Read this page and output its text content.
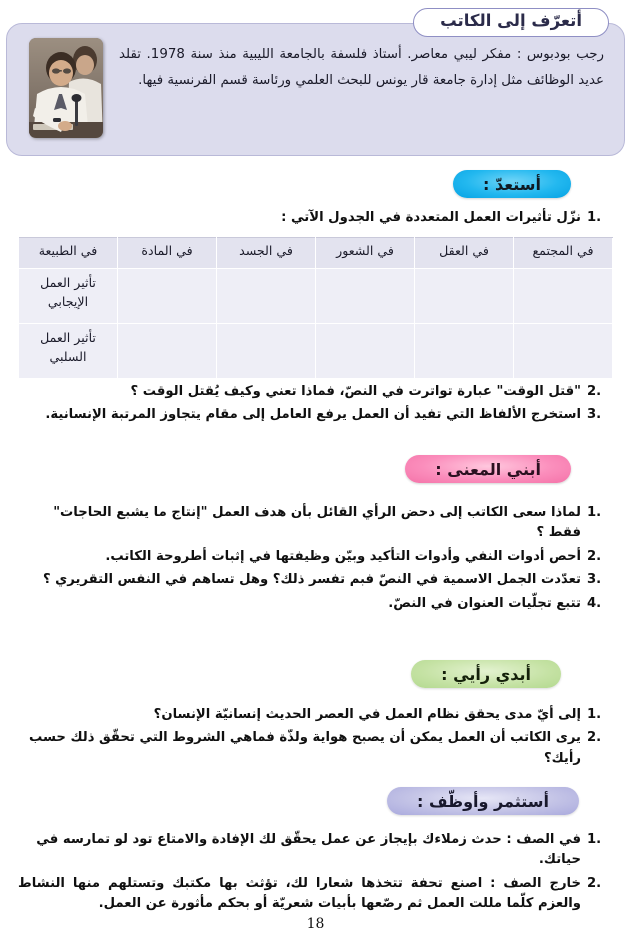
أتعرّف إلى الكاتب
رجب بودبوس : مفكر ليبي معاصر. أستاذ فلسفة بالجامعة الليبية منذ سنة 1978. تقلد عديد الوظائف مثل إدارة جامعة قار يونس للبحث العلمي ورئاسة قسم الفرنسية فيها.
أستعدّ :
1.
نزّل تأثيرات العمل المتعددة في الجدول الآتي :
في المجتمع	في العقل	في الشعور	في الجسد	في المادة	في الطبيعة
					تأثير العمل الإيجابي
					تأثير العمل السلبي
2.
"قتل الوقت" عبارة تواترت في النصّ، فماذا تعني وكيف يُقتل الوقت ؟
3.
استخرج الألفاظ التي تفيد أن العمل يرفع العامل إلى مقام يتجاوز المرتبة الإنسانية.
أبني المعنى :
1.
لماذا سعى الكاتب إلى دحض الرأي القائل بأن هدف العمل "إنتاج ما يشبع الحاجات" فقط ؟
2.
أحص أدوات النفي وأدوات التأكيد وبيّن وظيفتها في إثبات أطروحة الكاتب.
3.
تعدّدت الجمل الاسمية في النصّ فبم تفسر ذلك؟ وهل تساهم في النفس التقريري ؟
4.
تتبع تجلّيات العنوان في النصّ.
أبدي رأيي :
1.
إلى أيّ مدى يحقق نظام العمل في العصر الحديث إنسانيّة الإنسان؟
2.
يرى الكاتب أن العمل يمكن أن يصبح هواية ولذّة فماهي الشروط التي تحقّق ذلك حسب رأيك؟
أستثمر وأوظّف :
1.
في الصف : حدث زملاءك بإيجاز عن عمل يحقّق لك الإفادة والامتاع تود لو تمارسه في حياتك.
2.
خارج الصف : اصنع تحفة تتخذها شعارا لك، تؤثث بها مكتبك وتستلهم منها النشاط والعزم كلّما مللت العمل ثم رصّعها بأبيات شعريّة أو بحكم مأثورة عن العمل.
18
